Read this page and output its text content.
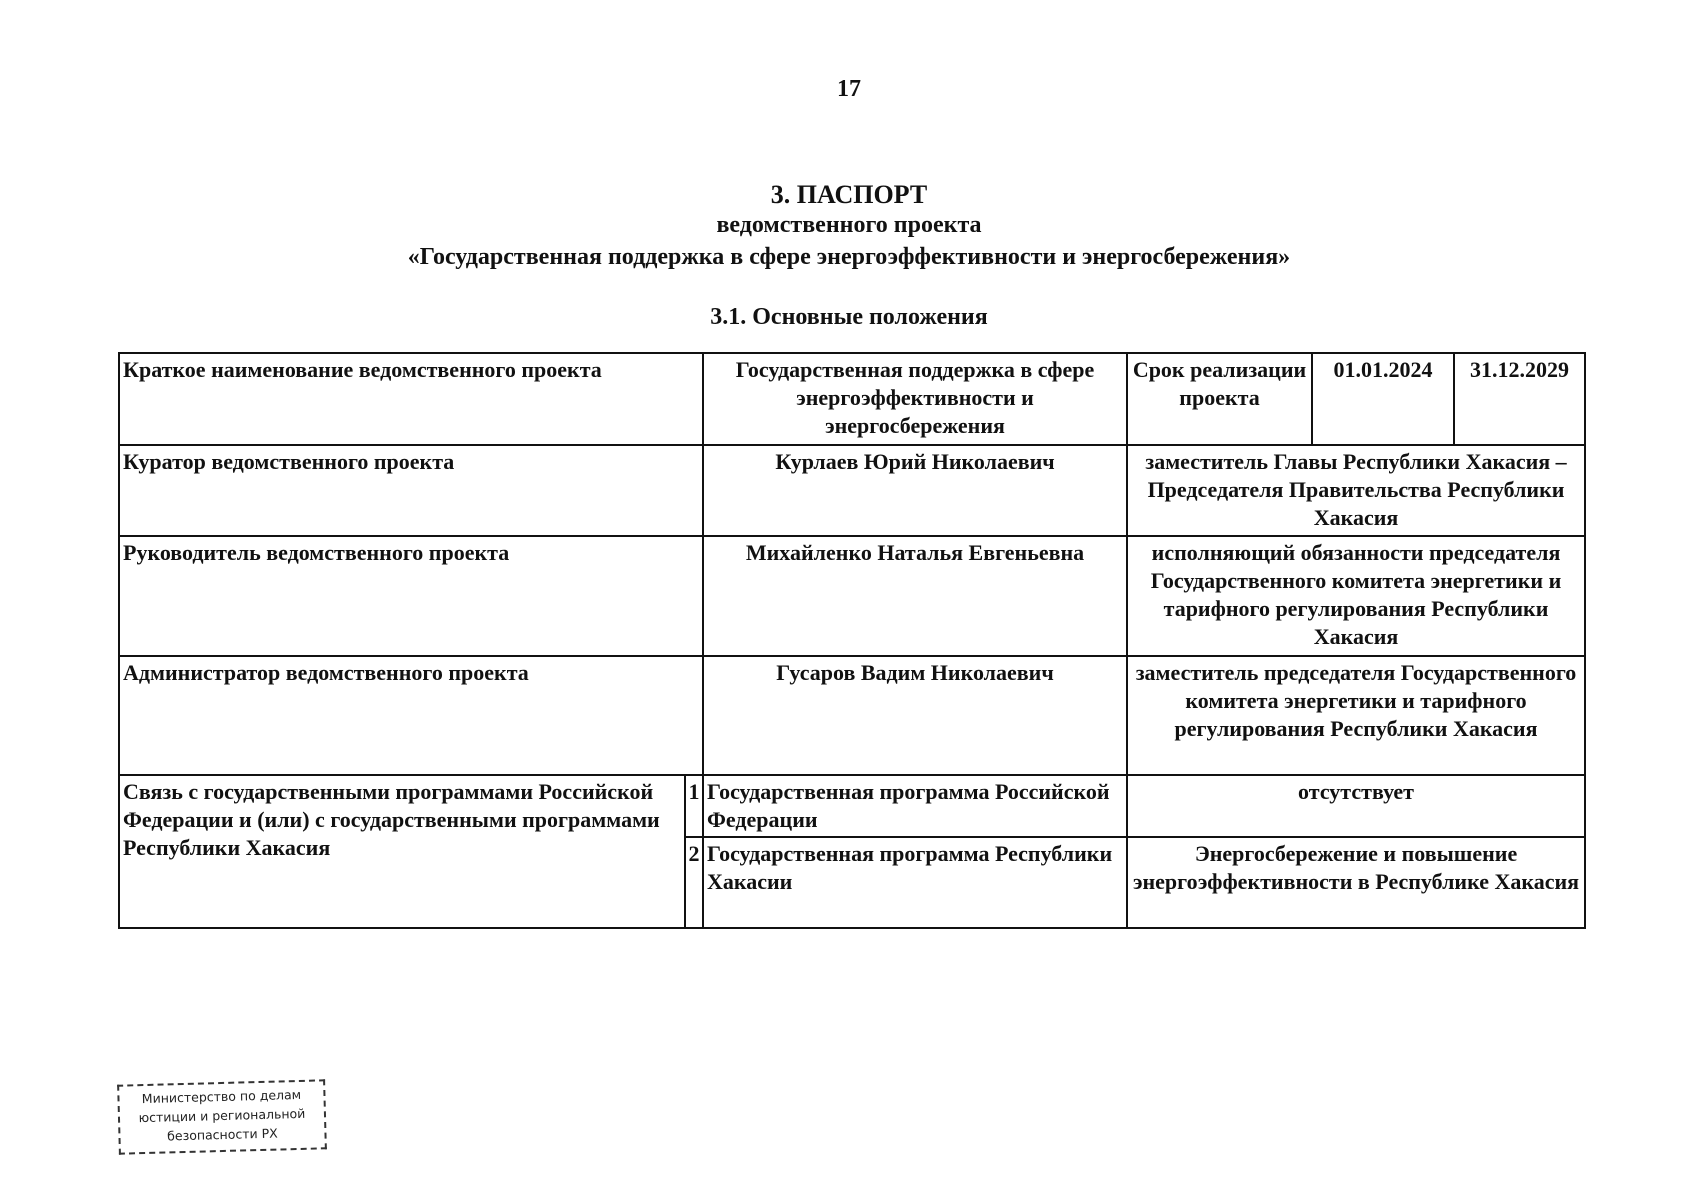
17
3. ПАСПОРТ
ведомственного проекта
«Государственная поддержка в сфере энергоэффективности и энергосбережения»
3.1. Основные положения
Краткое наименование ведомственного проекта		Государственная поддержка в сфере энергоэффективности и энергосбережения	Срок реализации проекта	01.01.2024	31.12.2029
Куратор ведомственного проекта		Курлаев Юрий Николаевич	заместитель Главы Республики Хакасия – Председателя Правительства Республики Хакасия		
Руководитель ведомственного проекта		Михайленко Наталья Евгеньевна	исполняющий обязанности председателя Государственного комитета энергетики и тарифного регулирования Республики Хакасия		
Администратор ведомственного проекта		Гусаров Вадим Николаевич	заместитель председателя Государственного комитета энергетики и тарифного регулирования Республики Хакасия		
Связь с государственными программами Российской Федерации и (или) с государственными программами Республики Хакасия	1	Государственная программа Российской Федерации	отсутствует		
	2	Государственная программа Республики Хакасии	Энергосбережение и повышение энергоэффективности в Республике Хакасия		
Министерство по делам
юстиции и региональной
безопасности РХ
